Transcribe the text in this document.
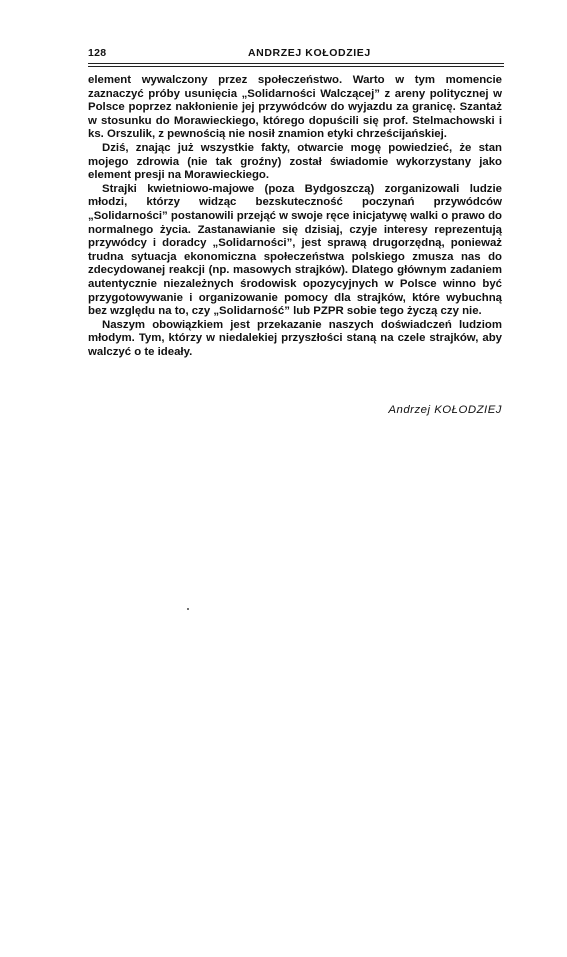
128	ANDRZEJ KOŁODZIEJ

element wywalczony przez społeczeństwo. Warto w tym momencie zaznaczyć próby usunięcia „Solidarności Walczącej” z areny politycznej w Polsce poprzez nakłonienie jej przywódców do wyjazdu za granicę. Szantaż w stosunku do Morawieckiego, którego dopuścili się prof. Stelmachowski i ks. Orszulik, z pewnością nie nosił znamion etyki chrześcijańskiej.

Dziś, znając już wszystkie fakty, otwarcie mogę powiedzieć, że stan mojego zdrowia (nie tak groźny) został świadomie wykorzystany jako element presji na Morawieckiego.

Strajki kwietniowo-majowe (poza Bydgoszczą) zorganizowali ludzie młodzi, którzy widząc bezskuteczność poczynań przywódców „Solidarności” postanowili przejąć w swoje ręce inicjatywę walki o prawo do normalnego życia. Zastanawianie się dzisiaj, czyje interesy reprezentują przywódcy i doradcy „Solidarności”, jest sprawą drugorzędną, ponieważ trudna sytuacja ekonomiczna społeczeństwa polskiego zmusza nas do zdecydowanej reakcji (np. masowych strajków). Dlatego głównym zadaniem autentycznie niezależnych środowisk opozycyjnych w Polsce winno być przygotowywanie i organizowanie pomocy dla strajków, które wybuchną bez względu na to, czy „Solidarność” lub PZPR sobie tego życzą czy nie.

Naszym obowiązkiem jest przekazanie naszych doświadczeń ludziom młodym. Tym, którzy w niedalekiej przyszłości staną na czele strajków, aby walczyć o te ideały.

Andrzej KOŁODZIEJ
